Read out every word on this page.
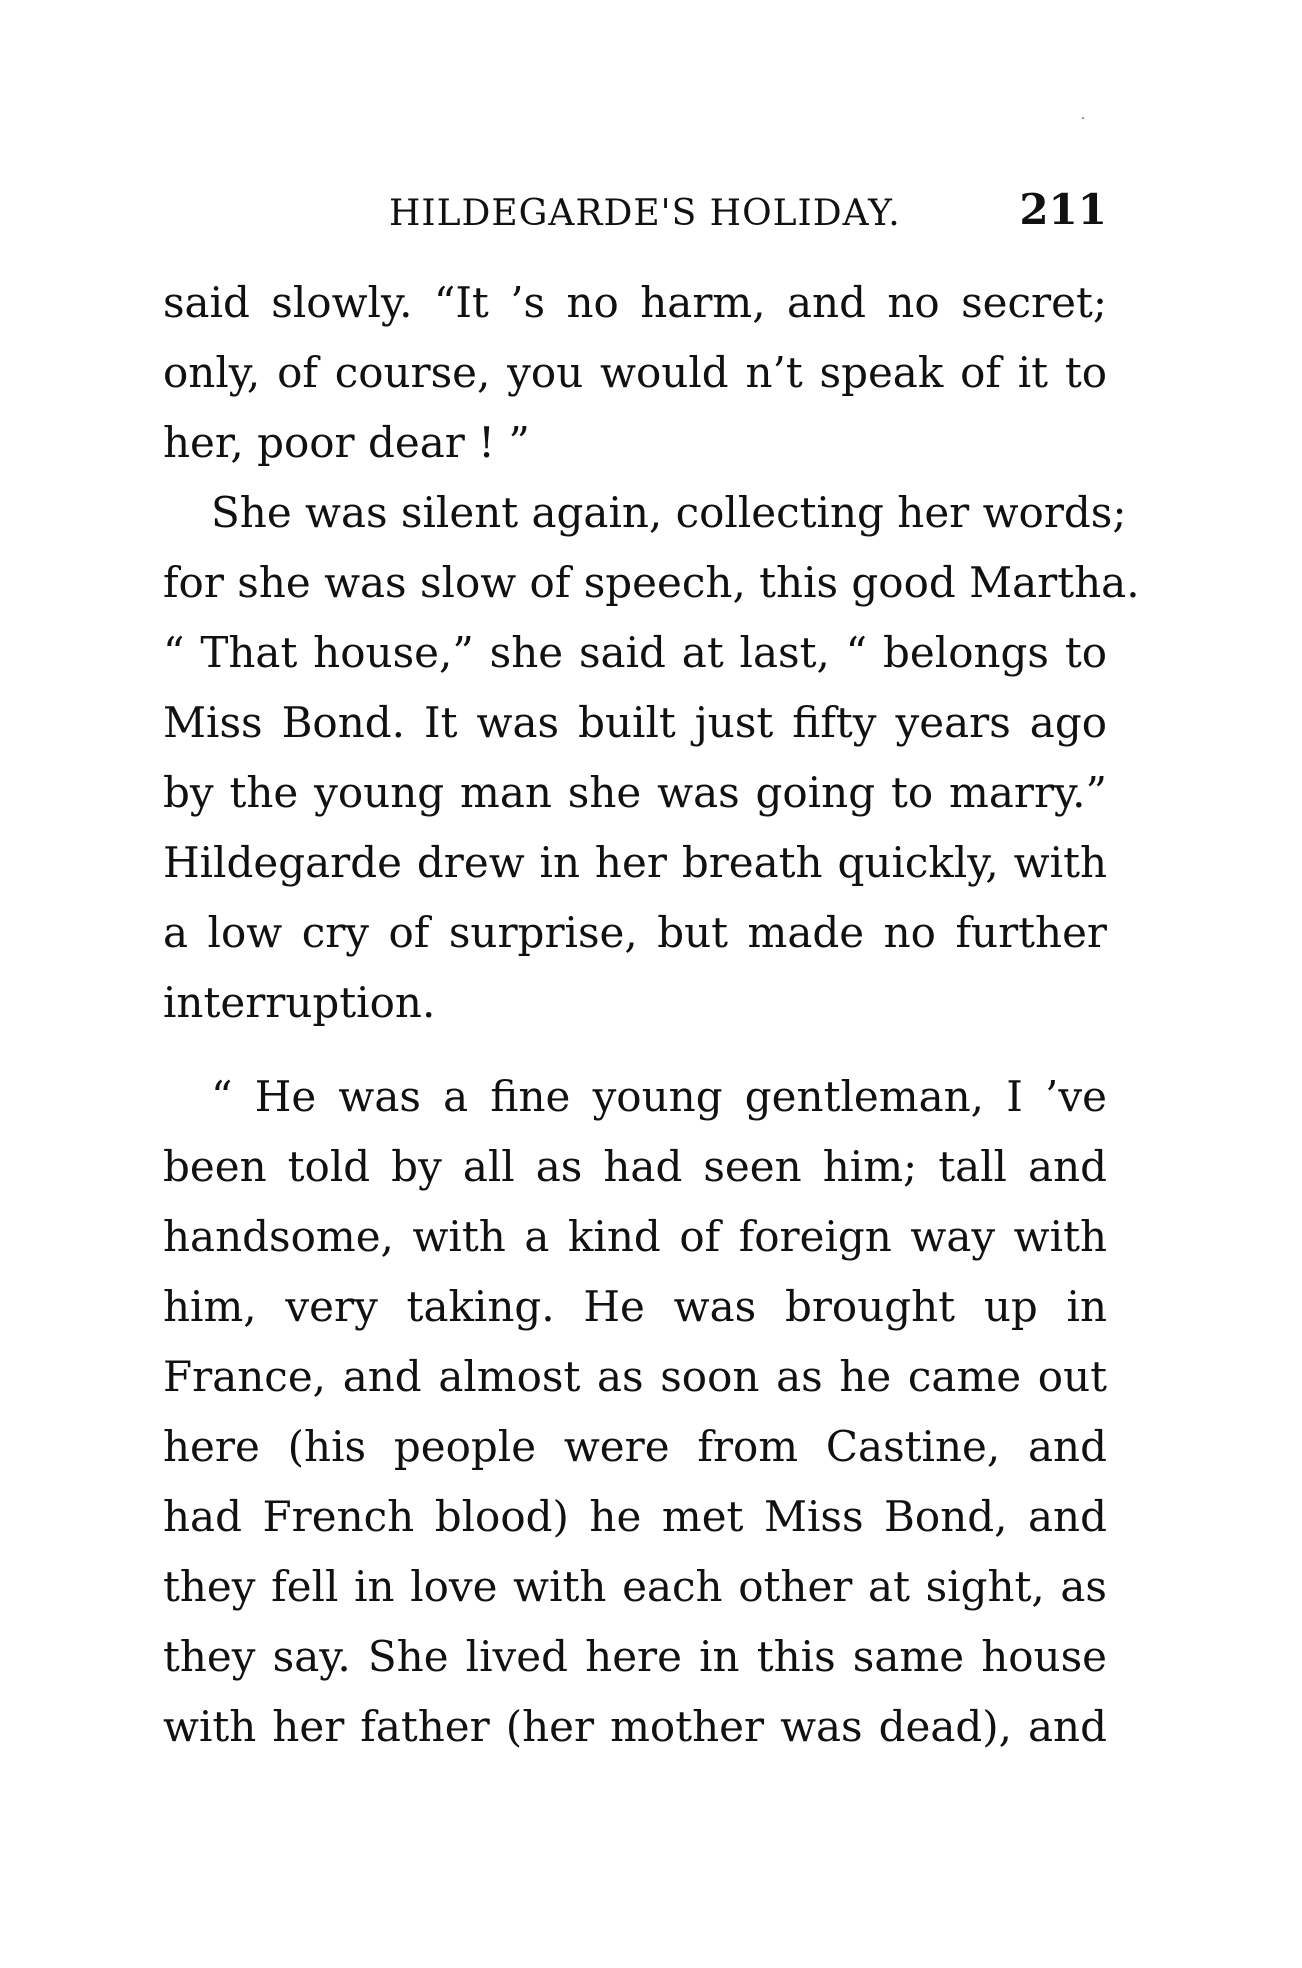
HILDEGARDE'S HOLIDAY.	211
said slowly. “It ’s no harm, and no secret;
only, of course, you would n’t speak of it to
her, poor dear ! ”
She was silent again, collecting her words;
for she was slow of speech, this good Martha.
“ That house,” she said at last, “ belongs to
Miss Bond. It was built just fifty years ago
by the young man she was going to marry.”
Hildegarde drew in her breath quickly, with
a low cry of surprise, but made no further
interruption.
“ He was a fine young gentleman, I ’ve
been told by all as had seen him; tall and
handsome, with a kind of foreign way with
him, very taking. He was brought up in
France, and almost as soon as he came out
here (his people were from Castine, and
had French blood) he met Miss Bond, and
they fell in love with each other at sight, as
they say. She lived here in this same house
with her father (her mother was dead), and
